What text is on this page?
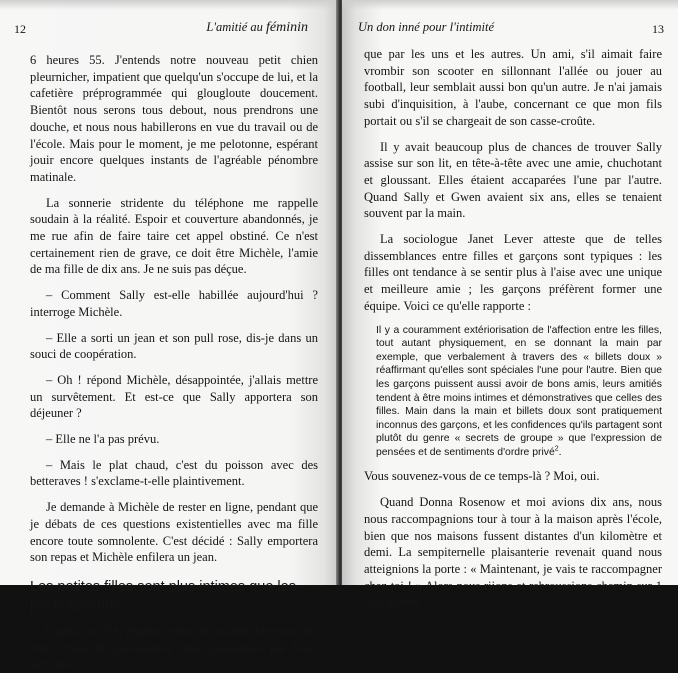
12	L'amitié au féminin

6 heures 55. J'entends notre nouveau petit chien pleurnicher, impatient que quelqu'un s'occupe de lui, et la cafetière préprogrammée qui glougloute doucement. Bientôt nous serons tous debout, nous prendrons une douche, et nous nous habillerons en vue du travail ou de l'école. Mais pour le moment, je me pelotonne, espérant jouir encore quelques instants de l'agréable pénombre matinale.

La sonnerie stridente du téléphone me rappelle soudain à la réalité. Espoir et couverture abandonnés, je me rue afin de faire taire cet appel obstiné. Ce n'est certainement rien de grave, ce doit être Michèle, l'amie de ma fille de dix ans. Je ne suis pas déçue.

– Comment Sally est-elle habillée aujourd'hui ? interroge Michèle.

– Elle a sorti un jean et son pull rose, dis-je dans un souci de coopération.

– Oh ! répond Michèle, désappointée, j'allais mettre un survêtement. Et est-ce que Sally apportera son déjeuner ?

– Elle ne l'a pas prévu.

– Mais le plat chaud, c'est du poisson avec des betteraves ! s'exclame-t-elle plaintivement.

Je demande à Michèle de rester en ligne, pendant que je débats de ces questions existentielles avec ma fille encore toute somnolente. C'est décidé : Sally emportera son repas et Michèle enfilera un jean.

Les petites filles sont plus intimes que les petits garçons

Quand nos fils étaient petits, ils avaient bien sûr des amis, mais ils paraissaient plus passionnés par leurs activités

Un don inné pour l'intimité	13

que par les uns et les autres. Un ami, s'il aimait faire vrombir son scooter en sillonnant l'allée ou jouer au football, leur semblait aussi bon qu'un autre. Je n'ai jamais subi d'inquisition, à l'aube, concernant ce que mon fils portait ou s'il se chargeait de son casse-croûte.

Il y avait beaucoup plus de chances de trouver Sally assise sur son lit, en tête-à-tête avec une amie, chuchotant et gloussant. Elles étaient accaparées l'une par l'autre. Quand Sally et Gwen avaient six ans, elles se tenaient souvent par la main.

La sociologue Janet Lever atteste que de telles dissemblances entre filles et garçons sont typiques : les filles ont tendance à se sentir plus à l'aise avec une unique et meilleure amie ; les garçons préfèrent former une équipe. Voici ce qu'elle rapporte :

Il y a couramment extériorisation de l'affection entre les filles, tout autant physiquement, en se donnant la main par exemple, que verbalement à travers des « billets doux » réaffirmant qu'elles sont spéciales l'une pour l'autre. Bien que les garçons puissent aussi avoir de bons amis, leurs amitiés tendent à être moins intimes et démonstratives que celles des filles. Main dans la main et billets doux sont pratiquement inconnus des garçons, et les confidences qu'ils partagent sont plutôt du genre « secrets de groupe » que l'expression de pensées et de sentiments d'ordre privé$^2$.

Vous souvenez-vous de ce temps-là ? Moi, oui.

Quand Donna Rosenow et moi avions dix ans, nous nous raccompagnions tour à tour à la maison après l'école, bien que nos maisons fussent distantes d'un kilomètre et demi. La sempiternelle plaisanterie revenait quand nous atteignions la porte : « Maintenant, je vais te raccompagner chez toi ! » Alors nous riions et rebroussions chemin sur 1 500 mètres.
